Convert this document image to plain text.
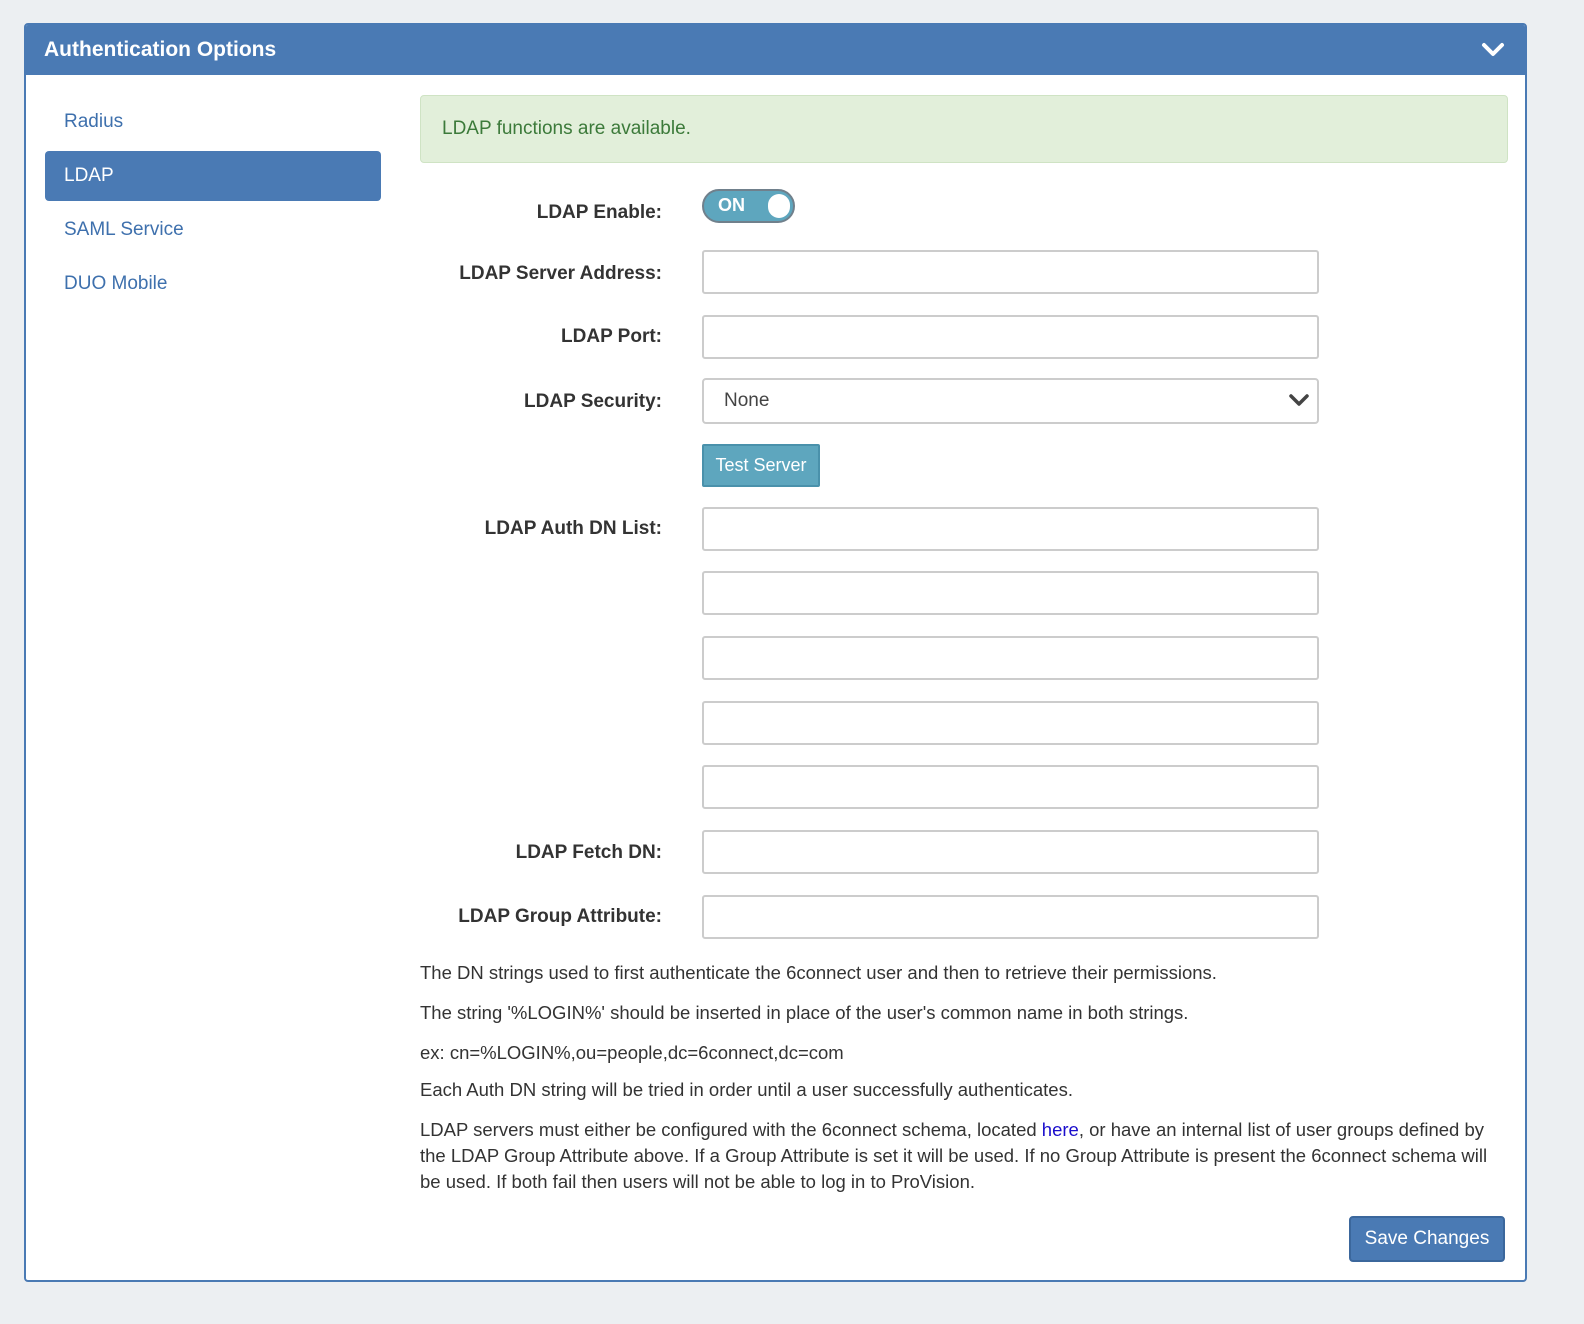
Authentication Options
Radius
LDAP
SAML Service
DUO Mobile
LDAP functions are available.
LDAP Enable:	ON
LDAP Server Address:
LDAP Port:
LDAP Security:	None
Test Server
LDAP Auth DN List:
LDAP Fetch DN:
LDAP Group Attribute:

The DN strings used to first authenticate the 6connect user and then to retrieve their permissions.

The string '%LOGIN%' should be inserted in place of the user's common name in both strings.

ex: cn=%LOGIN%,ou=people,dc=6connect,dc=com

Each Auth DN string will be tried in order until a user successfully authenticates.

LDAP servers must either be configured with the 6connect schema, located here, or have an internal list of user groups defined by the LDAP Group Attribute above. If a Group Attribute is set it will be used. If no Group Attribute is present the 6connect schema will be used. If both fail then users will not be able to log in to ProVision.

Save Changes
